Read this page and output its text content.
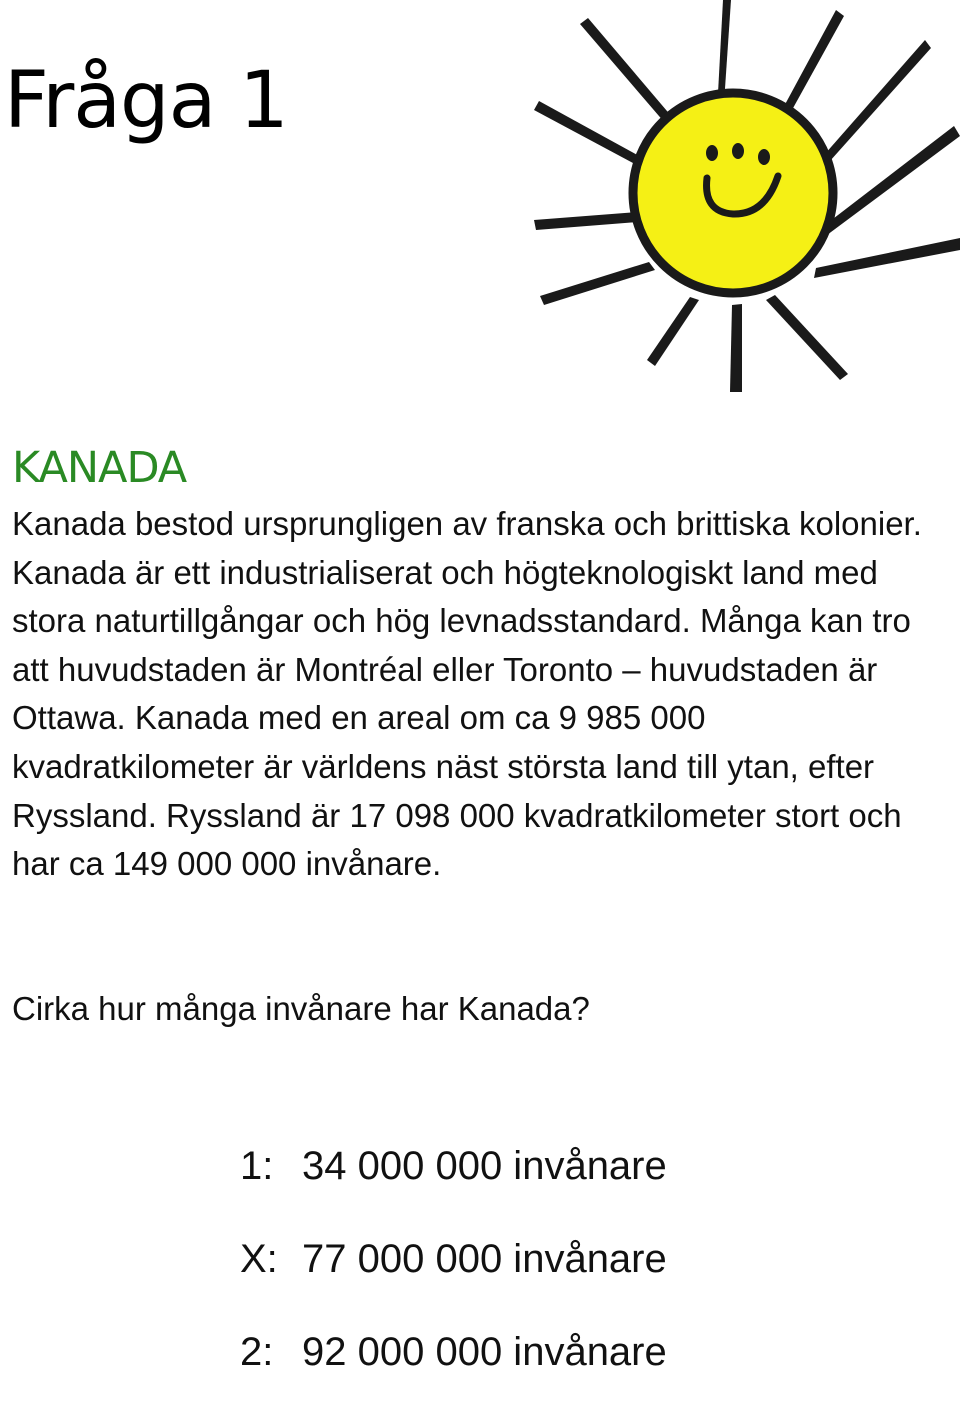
Fråga 1
KANADA

Kanada bestod ursprungligen av franska och brittiska kolonier. Kanada är ett industrialiserat och högteknologiskt land med stora naturtillgångar och hög levnadsstandard. Många kan tro att huvudstaden är Montréal eller Toronto – huvudstaden är Ottawa. Kanada med en areal om ca 9 985 000 kvadratkilometer är världens näst största land till ytan, efter Ryssland. Ryssland är 17 098 000 kvadratkilometer stort och har ca 149 000 000 invånare.

Cirka hur många invånare har Kanada?

1: 34 000 000 invånare
X: 77 000 000 invånare
2: 92 000 000 invånare
